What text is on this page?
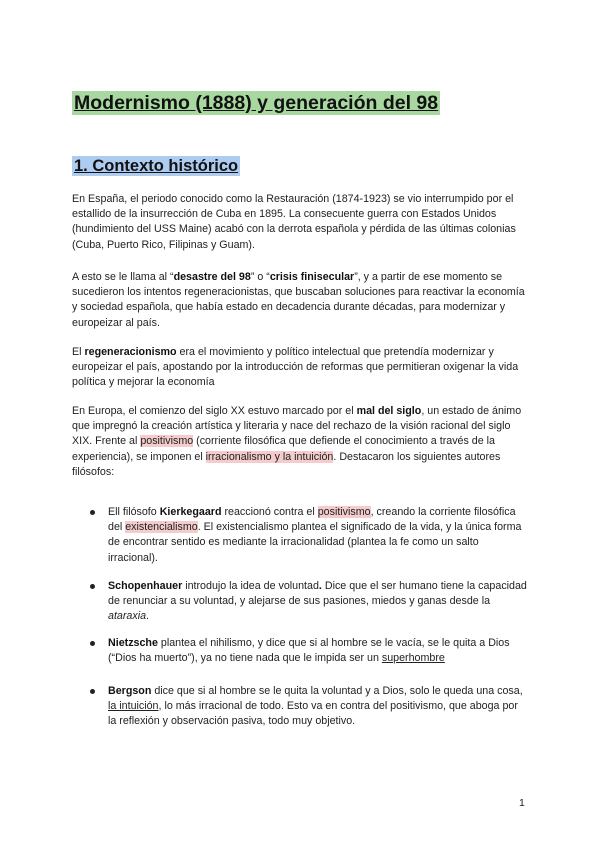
Modernismo (1888) y generación del 98
1. Contexto histórico

En España, el periodo conocido como la Restauración (1874-1923) se vio interrumpido por el estallido de la insurrección de Cuba en 1895. La consecuente guerra con Estados Unidos (hundimiento del USS Maine) acabó con la derrota española y pérdida de las últimas colonias (Cuba, Puerto Rico, Filipinas y Guam).

A esto se le llama al “desastre del 98” o “crisis finisecular”, y a partir de ese momento se sucedieron los intentos regeneracionistas, que buscaban soluciones para reactivar la economía y sociedad española, que había estado en decadencia durante décadas, para modernizar y europeizar al país.

El regeneracionismo era el movimiento y político intelectual que pretendía modernizar y europeizar el país, apostando por la introducción de reformas que permitieran oxigenar la vida política y mejorar la economía

En Europa, el comienzo del siglo XX estuvo marcado por el mal del siglo, un estado de ánimo que impregnó la creación artística y literaria y nace del rechazo de la visión racional del siglo XIX. Frente al positivismo (corriente filosófica que defiende el conocimiento a través de la experiencia), se imponen el irracionalismo y la intuición. Destacaron los siguientes autores filósofos:

Ell filósofo Kierkegaard reaccionó contra el positivismo, creando la corriente filosófica del existencialismo. El existencialismo plantea el significado de la vida, y la única forma de encontrar sentido es mediante la irracionalidad (plantea la fe como un salto irracional).
Schopenhauer introdujo la idea de voluntad. Dice que el ser humano tiene la capacidad de renunciar a su voluntad, y alejarse de sus pasiones, miedos y ganas desde la ataraxia.
Nietzsche plantea el nihilismo, y dice que si al hombre se le vacía, se le quita a Dios (“Dios ha muerto”), ya no tiene nada que le impida ser un superhombre
Bergson dice que si al hombre se le quita la voluntad y a Dios, solo le queda una cosa, la intuición, lo más irracional de todo. Esto va en contra del positivismo, que aboga por la reflexión y observación pasiva, todo muy objetivo.
1
